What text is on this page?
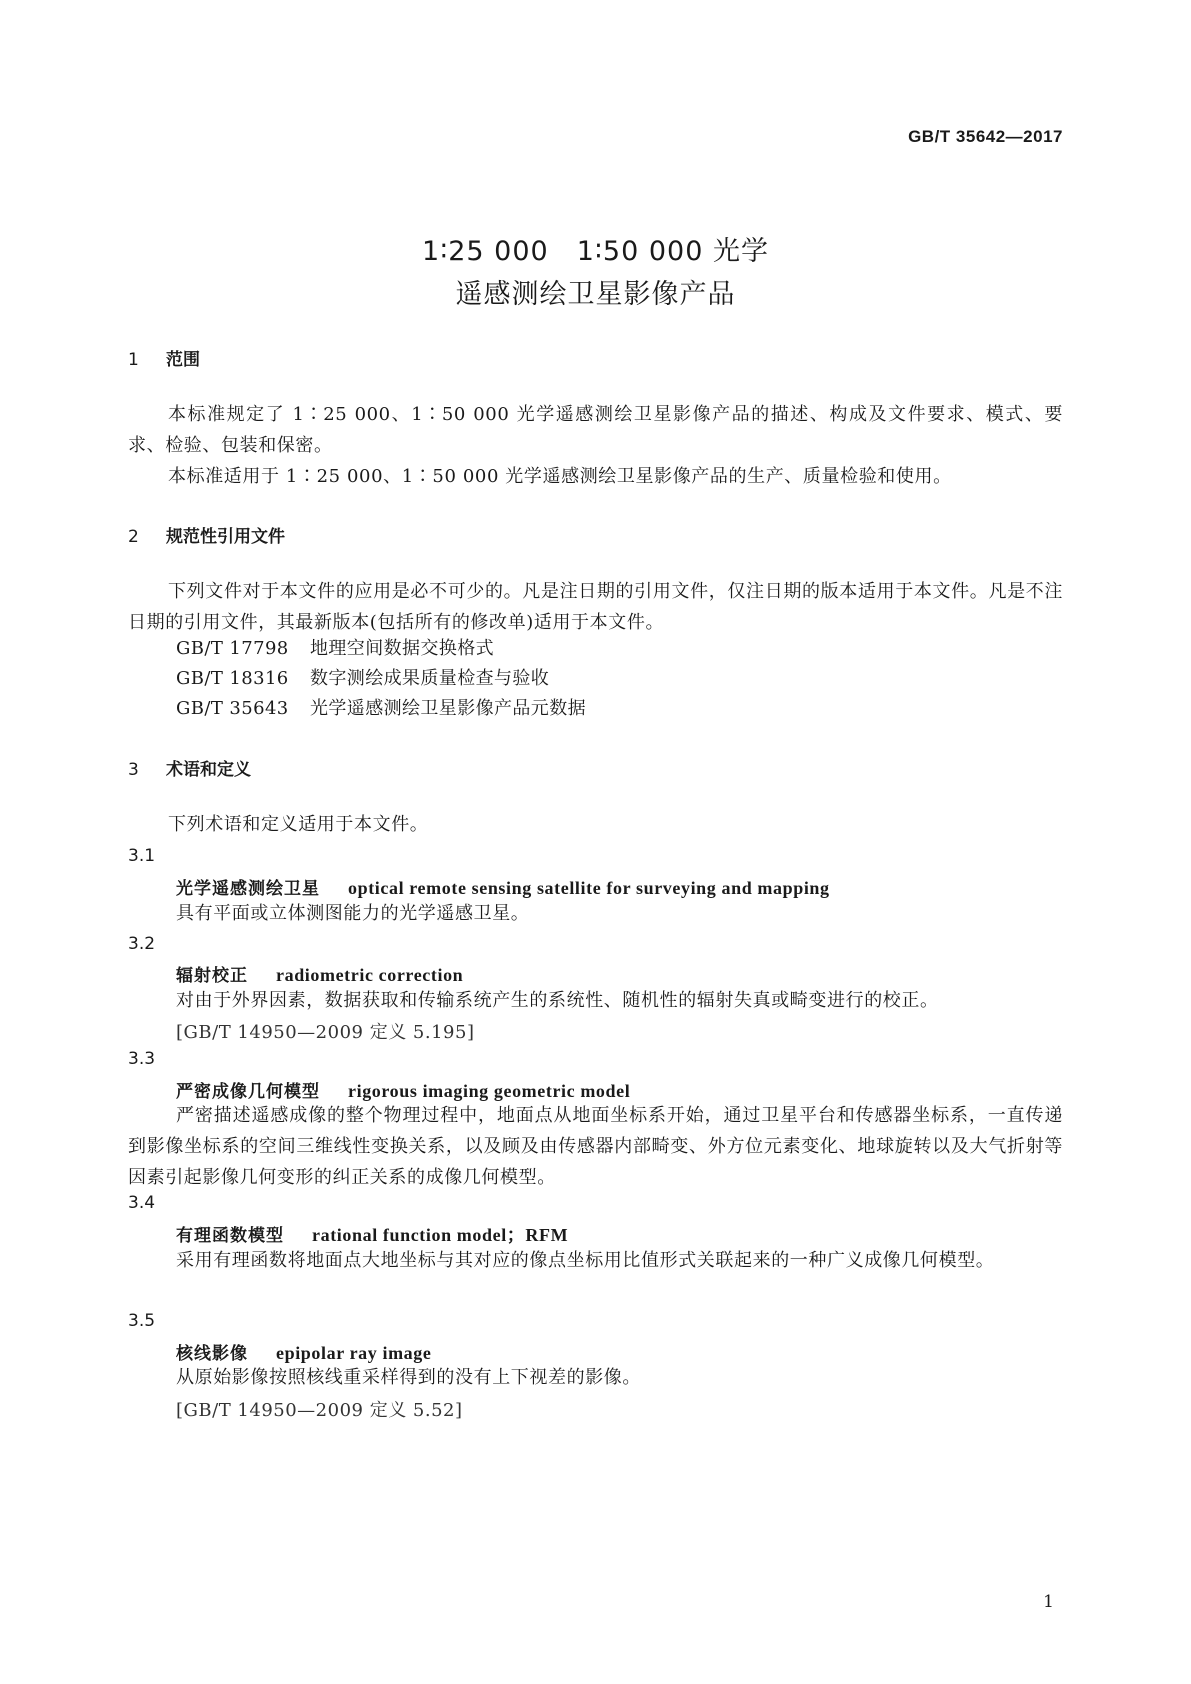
GB/T 35642—2017
1∶25 000　1∶50 000 光学
遥感测绘卫星影像产品
1 范围
本标准规定了 1∶25 000、1∶50 000 光学遥感测绘卫星影像产品的描述、构成及文件要求、模式、要求、检验、包装和保密。
本标准适用于 1∶25 000、1∶50 000 光学遥感测绘卫星影像产品的生产、质量检验和使用。
2 规范性引用文件
下列文件对于本文件的应用是必不可少的。凡是注日期的引用文件，仅注日期的版本适用于本文件。凡是不注日期的引用文件，其最新版本(包括所有的修改单)适用于本文件。
GB/T 17798 地理空间数据交换格式
GB/T 18316 数字测绘成果质量检查与验收
GB/T 35643 光学遥感测绘卫星影像产品元数据
3 术语和定义
下列术语和定义适用于本文件。
3.1
光学遥感测绘卫星 optical remote sensing satellite for surveying and mapping
具有平面或立体测图能力的光学遥感卫星。
3.2
辐射校正 radiometric correction
对由于外界因素，数据获取和传输系统产生的系统性、随机性的辐射失真或畸变进行的校正。
[GB/T 14950—2009 定义 5.195]
3.3
严密成像几何模型 rigorous imaging geometric model
严密描述遥感成像的整个物理过程中，地面点从地面坐标系开始，通过卫星平台和传感器坐标系，一直传递到影像坐标系的空间三维线性变换关系，以及顾及由传感器内部畸变、外方位元素变化、地球旋转以及大气折射等因素引起影像几何变形的纠正关系的成像几何模型。
3.4
有理函数模型 rational function model；RFM
采用有理函数将地面点大地坐标与其对应的像点坐标用比值形式关联起来的一种广义成像几何模型。
3.5
核线影像 epipolar ray image
从原始影像按照核线重采样得到的没有上下视差的影像。
[GB/T 14950—2009 定义 5.52]
1
